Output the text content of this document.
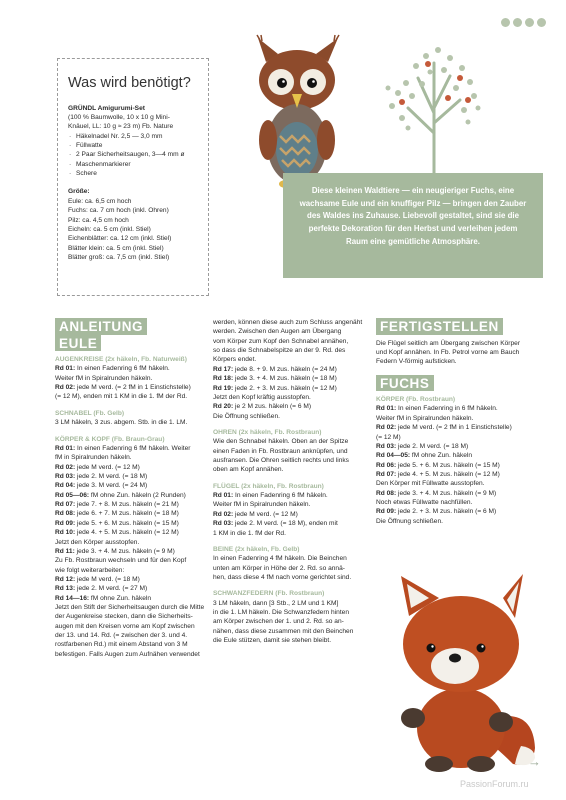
Was wird benötigt?
GRÜNDL Amigurumi-Set
(100 % Baumwolle, 10 x 10 g Mini-
Knäuel, LL: 10 g ≈ 23 m) Fb. Nature
· Häkelnadel Nr. 2,5 — 3,0 mm
· Füllwatte
· 2 Paar Sicherheitsaugen, 3—4 mm ø
· Maschenmarkierer
· Schere
Größe:
Eule: ca. 6,5 cm hoch
Fuchs: ca. 7 cm hoch (inkl. Ohren)
Pilz: ca. 4,5 cm hoch
Eicheln: ca. 5 cm (inkl. Stiel)
Eichenblätter: ca. 12 cm (inkl. Stiel)
Blätter klein: ca. 5 cm (inkl. Stiel)
Blätter groß: ca. 7,5 cm (inkl. Stiel)
Diese kleinen Waldtiere — ein neugieriger Fuchs, eine wachsame Eule und ein knuffiger Pilz — bringen den Zauber des Waldes ins Zuhause. Liebevoll gestaltet, sind sie die perfekte Dekoration für den Herbst und verleihen jedem Raum eine gemütliche Atmosphäre.
ANLEITUNG
EULE
AUGENKREISE (2x häkeln, Fb. Naturweiß)
Rd 01: In einen Fadenring 6 fM häkeln.
Weiter fM in Spiralrunden häkeln.
Rd 02: jede M verd. (= 2 fM in 1 Einstichstelle)
(= 12 M), enden mit 1 KM in die 1. fM der Rd.
SCHNABEL (Fb. Gelb)
3 LM häkeln, 3 zus. abgem. Stb. in die 1. LM.
KÖRPER & KOPF (Fb. Braun-Grau)
Rd 01: In einen Fadenring 6 fM häkeln. Weiter
fM in Spiralrunden häkeln.
Rd 02: jede M verd. (= 12 M)
Rd 03: jede 2. M verd. (= 18 M)
Rd 04: jede 3. M verd. (= 24 M)
Rd 05—06: fM ohne Zun. häkeln (2 Runden)
Rd 07: jede 7. + 8. M zus. häkeln (= 21 M)
Rd 08: jede 6. + 7. M zus. häkeln (= 18 M)
Rd 09: jede 5. + 6. M zus. häkeln (= 15 M)
Rd 10: jede 4. + 5. M zus. häkeln (= 12 M)
Jetzt den Körper ausstopfen.
Rd 11: jede 3. + 4. M zus. häkeln (= 9 M)
Zu Fb. Rostbraun wechseln und für den Kopf
wie folgt weiterarbeiten:
Rd 12: jede M verd. (= 18 M)
Rd 13: jede 2. M verd. (= 27 M)
Rd 14—16: fM ohne Zun. häkeln
Jetzt den Stift der Sicherheitsaugen durch die Mitte
der Augenkreise stecken, dann die Sicherheits-
augen mit den Kreisen vorne am Kopf zwischen
der 13. und 14. Rd. (= zwischen der 3. und 4.
rostfarbenen Rd.) mit einem Abstand von 3 M
befestigen. Falls Augen zum Aufnähen verwendet
werden, können diese auch zum Schluss angenäht
werden. Zwischen den Augen am Übergang
vom Körper zum Kopf den Schnabel annähen,
so dass die Schnabelspitze an der 9. Rd. des
Körpers endet.
Rd 17: jede 8. + 9. M zus. häkeln (= 24 M)
Rd 18: jede 3. + 4. M zus. häkeln (= 18 M)
Rd 19: jede 2. + 3. M zus. häkeln (= 12 M)
Jetzt den Kopf kräftig ausstopfen.
Rd 20: je 2 M zus. häkeln (= 6 M)
Die Öffnung schließen.
OHREN (2x häkeln, Fb. Rostbraun)
Wie den Schnabel häkeln. Oben an der Spitze
einen Faden in Fb. Rostbraun anknüpfen, und
ausfransen. Die Ohren seitlich rechts und links
oben am Kopf annähen.
FLÜGEL (2x häkeln, Fb. Rostbraun)
Rd 01: In einen Fadenring 6 fM häkeln.
Weiter fM in Spiralrunden häkeln.
Rd 02: jede M verd. (= 12 M)
Rd 03: jede 2. M verd. (= 18 M), enden mit
1 KM in die 1. fM der Rd.
BEINE (2x häkeln, Fb. Gelb)
In einen Fadenring 4 fM häkeln. Die Beinchen
unten am Körper in Höhe der 2. Rd. so annä-
hen, dass diese 4 fM nach vorne gerichtet sind.
SCHWANZFEDERN (Fb. Rostbraun)
3 LM häkeln, dann [3 Stb., 2 LM und 1 KM]
in die 1. LM häkeln. Die Schwanzfedern hinten
am Körper zwischen der 1. und 2. Rd. so an-
nähen, dass diese zusammen mit den Beinchen
die Eule stützen, damit sie stehen bleibt.
FERTIGSTELLEN
Die Flügel seitlich am Übergang zwischen Körper
und Kopf annähen. In Fb. Petrol vorne am Bauch
Federn V-förmig aufsticken.
FUCHS
KÖRPER (Fb. Rostbraun)
Rd 01: In einen Fadenring in 6 fM häkeln.
Weiter fM in Spiralrunden häkeln.
Rd 02: jede M verd. (= 2 fM in 1 Einstichstelle)
(= 12 M)
Rd 03: jede 2. M verd. (= 18 M)
Rd 04—05: fM ohne Zun. häkeln
Rd 06: jede 5. + 6. M zus. häkeln (= 15 M)
Rd 07: jede 4. + 5. M zus. häkeln (= 12 M)
Den Körper mit Füllwatte ausstopfen.
Rd 08: jede 3. + 4. M zus. häkeln (= 9 M)
Noch etwas Füllwatte nachfüllen.
Rd 09: jede 2. + 3. M zus. häkeln (= 6 M)
Die Öffnung schließen.
→
PassionForum.ru
